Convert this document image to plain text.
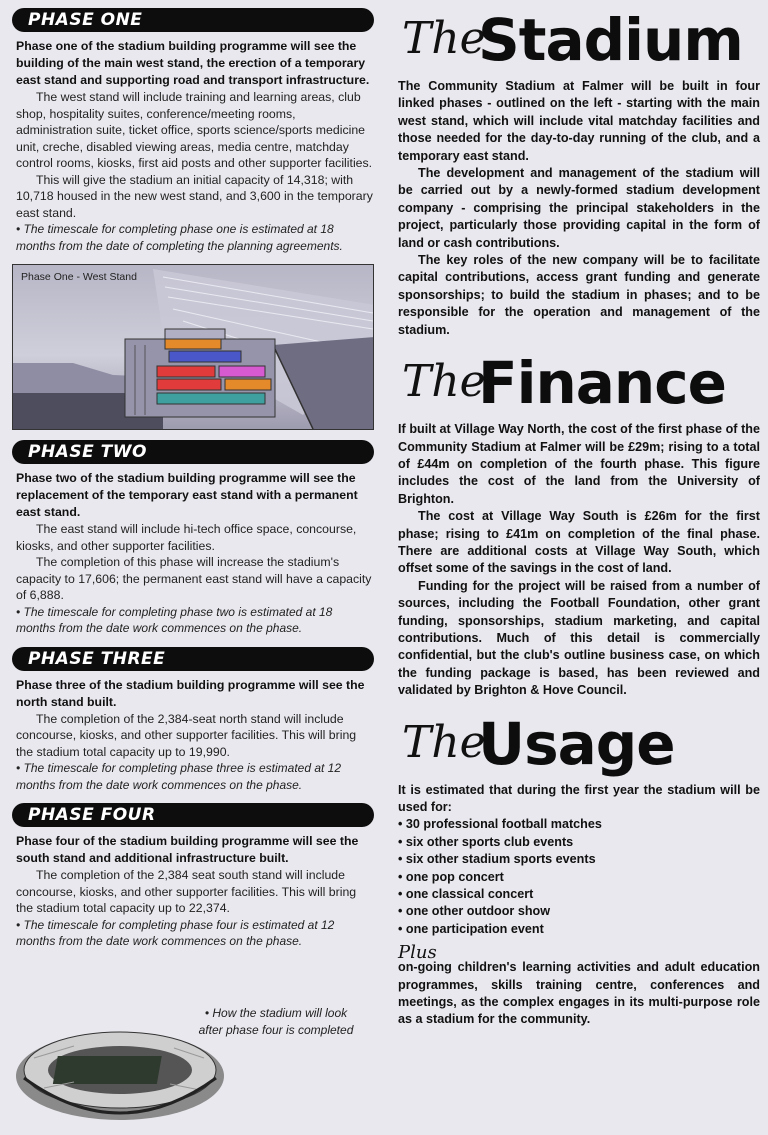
PHASE ONE

Phase one of the stadium building programme will see the building of the main west stand, the erection of a temporary east stand and supporting road and transport infrastructure.

The west stand will include training and learning areas, club shop, hospitality suites, conference/meeting rooms, administration suite, ticket office, sports science/sports medicine unit, creche, disabled viewing areas, media centre, matchday control rooms, kiosks, first aid posts and other supporter facilities.

This will give the stadium an initial capacity of 14,318; with 10,718 housed in the new west stand, and 3,600 in the temporary east stand.

• The timescale for completing phase one is estimated at 18 months from the date of completing the planning agreements.

Phase One - West Stand
PHASE TWO

Phase two of the stadium building programme will see the replacement of the temporary east stand with a permanent east stand.

The east stand will include hi-tech office space, concourse, kiosks, and other supporter facilities.

The completion of this phase will increase the stadium's capacity to 17,606; the permanent east stand will have a capacity of 6,888.

• The timescale for completing phase two is estimated at 18 months from the date work commences on the phase.

PHASE THREE

Phase three of the stadium building programme will see the north stand built.

The completion of the 2,384-seat north stand will include concourse, kiosks, and other supporter facilities. This will bring the stadium total capacity up to 19,990.

• The timescale for completing phase three is estimated at 12 months from the date work commences on the phase.

PHASE FOUR

Phase four of the stadium building programme will see the south stand and additional infrastructure built.

The completion of the 2,384 seat south stand will include concourse, kiosks, and other supporter facilities. This will bring the stadium total capacity up to 22,374.

• The timescale for completing phase four is estimated at 12 months from the date work commences on the phase.

• How the stadium will look after phase four is completed
The
Stadium

The Community Stadium at Falmer will be built in four linked phases - outlined on the left - starting with the main west stand, which will include vital matchday facilities and those needed for the day-to-day running of the club, and a temporary east stand.

The development and management of the stadium will be carried out by a newly-formed stadium development company - comprising the principal stakeholders in the project, particularly those providing capital in the form of land or cash contributions.

The key roles of the new company will be to facilitate capital contributions, access grant funding and generate sponsorships; to build the stadium in phases; and to be responsible for the operation and management of the stadium.

The
Finance

If built at Village Way North, the cost of the first phase of the Community Stadium at Falmer will be £29m; rising to a total of £44m on completion of the fourth phase. This figure includes the cost of the land from the University of Brighton.

The cost at Village Way South is £26m for the first phase; rising to £41m on completion of the final phase. There are additional costs at Village Way South, which offset some of the savings in the cost of land.

Funding for the project will be raised from a number of sources, including the Football Foundation, other grant funding, sponsorships, stadium marketing, and capital contributions. Much of this detail is commercially confidential, but the club's outline business case, on which the funding package is based, has been reviewed and validated by Brighton & Hove Council.

The
Usage

It is estimated that during the first year the stadium will be used for:

• 30 professional football matches
• six other sports club events
• six other stadium sports events
• one pop concert
• one classical concert
• one other outdoor show
• one participation event
Plus

on-going children's learning activities and adult education programmes, skills training centre, conferences and meetings, as the complex engages in its multi-purpose role as a stadium for the community.
